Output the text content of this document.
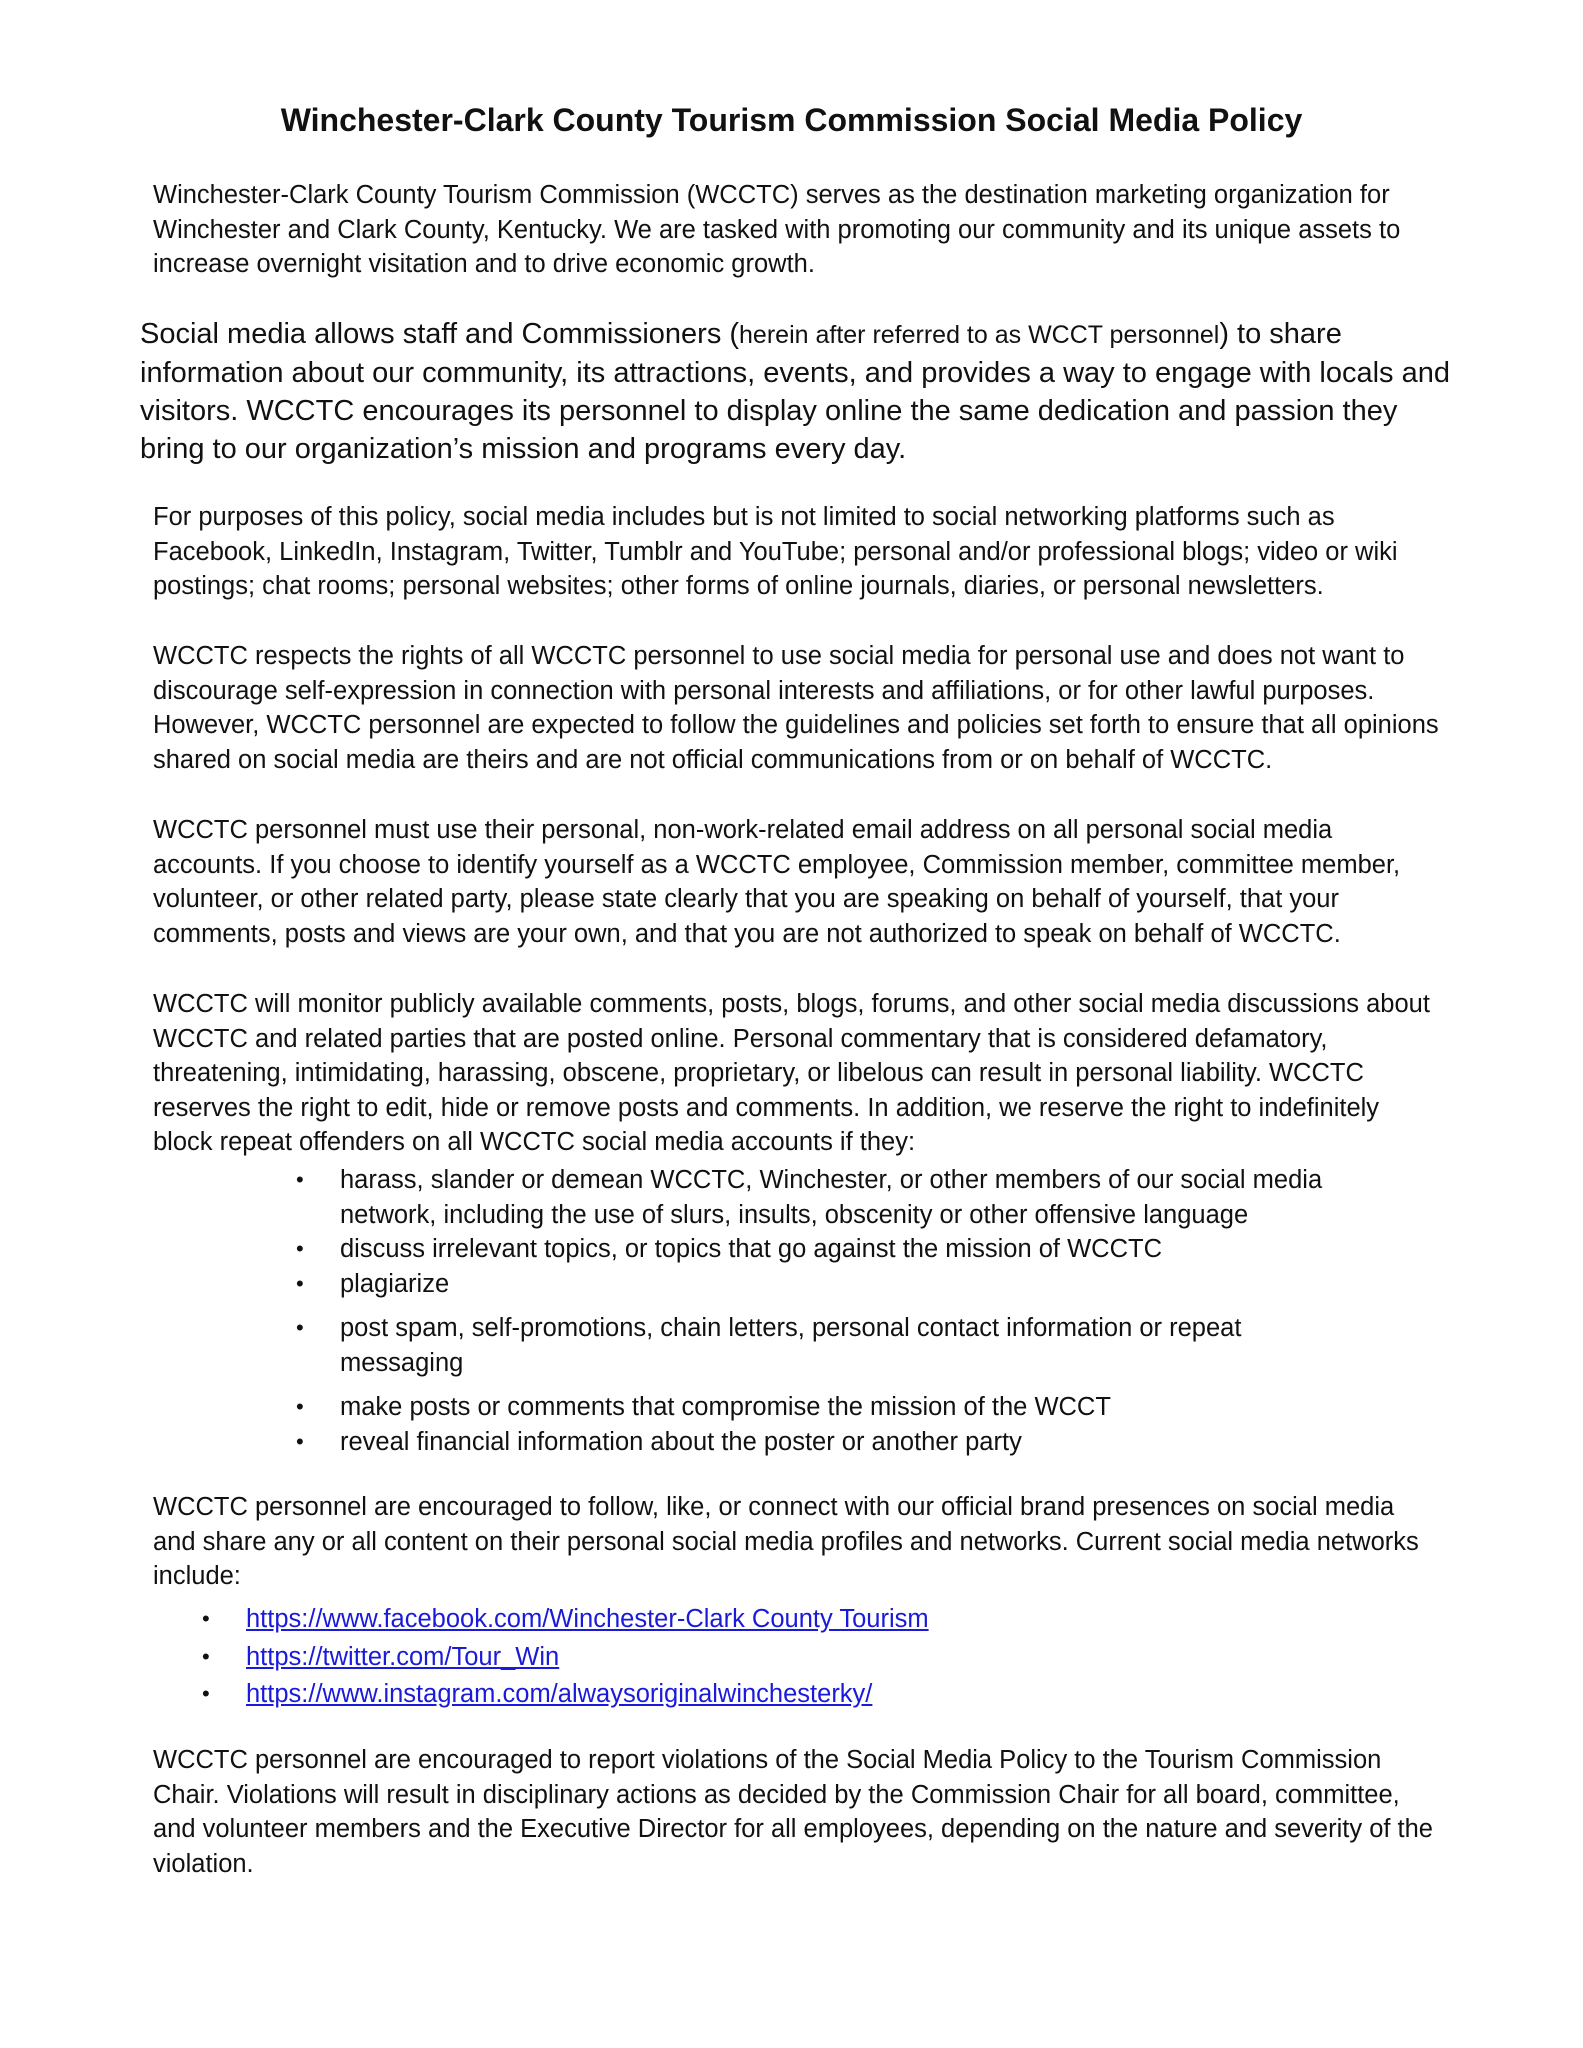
Winchester-Clark County Tourism Commission Social Media Policy

Winchester-Clark County Tourism Commission (WCCTC) serves as the destination marketing organization for Winchester and Clark County, Kentucky. We are tasked with promoting our community and its unique assets to increase overnight visitation and to drive economic growth.

Social media allows staff and Commissioners (herein after referred to as WCCT personnel) to share information about our community, its attractions, events, and provides a way to engage with locals and visitors. WCCTC encourages its personnel to display online the same dedication and passion they bring to our organization’s mission and programs every day.

For purposes of this policy, social media includes but is not limited to social networking platforms such as Facebook, LinkedIn, Instagram, Twitter, Tumblr and YouTube; personal and/or professional blogs; video or wiki postings; chat rooms; personal websites; other forms of online journals, diaries, or personal newsletters.

WCCTC respects the rights of all WCCTC personnel to use social media for personal use and does not want to discourage self-expression in connection with personal interests and affiliations, or for other lawful purposes. However, WCCTC personnel are expected to follow the guidelines and policies set forth to ensure that all opinions shared on social media are theirs and are not official communications from or on behalf of WCCTC.

WCCTC personnel must use their personal, non-work-related email address on all personal social media accounts. If you choose to identify yourself as a WCCTC employee, Commission member, committee member, volunteer, or other related party, please state clearly that you are speaking on behalf of yourself, that your comments, posts and views are your own, and that you are not authorized to speak on behalf of WCCTC.

WCCTC will monitor publicly available comments, posts, blogs, forums, and other social media discussions about WCCTC and related parties that are posted online. Personal commentary that is considered defamatory, threatening, intimidating, harassing, obscene, proprietary, or libelous can result in personal liability. WCCTC reserves the right to edit, hide or remove posts and comments. In addition, we reserve the right to indefinitely block repeat offenders on all WCCTC social media accounts if they:

• harass, slander or demean WCCTC, Winchester, or other members of our social media network, including the use of slurs, insults, obscenity or other offensive language
• discuss irrelevant topics, or topics that go against the mission of WCCTC
• plagiarize
• post spam, self-promotions, chain letters, personal contact information or repeat messaging
• make posts or comments that compromise the mission of the WCCT
• reveal financial information about the poster or another party

WCCTC personnel are encouraged to follow, like, or connect with our official brand presences on social media and share any or all content on their personal social media profiles and networks. Current social media networks include:

• https://www.facebook.com/Winchester-Clark County Tourism
• https://twitter.com/Tour_Win
• https://www.instagram.com/alwaysoriginalwinchesterky/

WCCTC personnel are encouraged to report violations of the Social Media Policy to the Tourism Commission Chair. Violations will result in disciplinary actions as decided by the Commission Chair for all board, committee, and volunteer members and the Executive Director for all employees, depending on the nature and severity of the violation.
